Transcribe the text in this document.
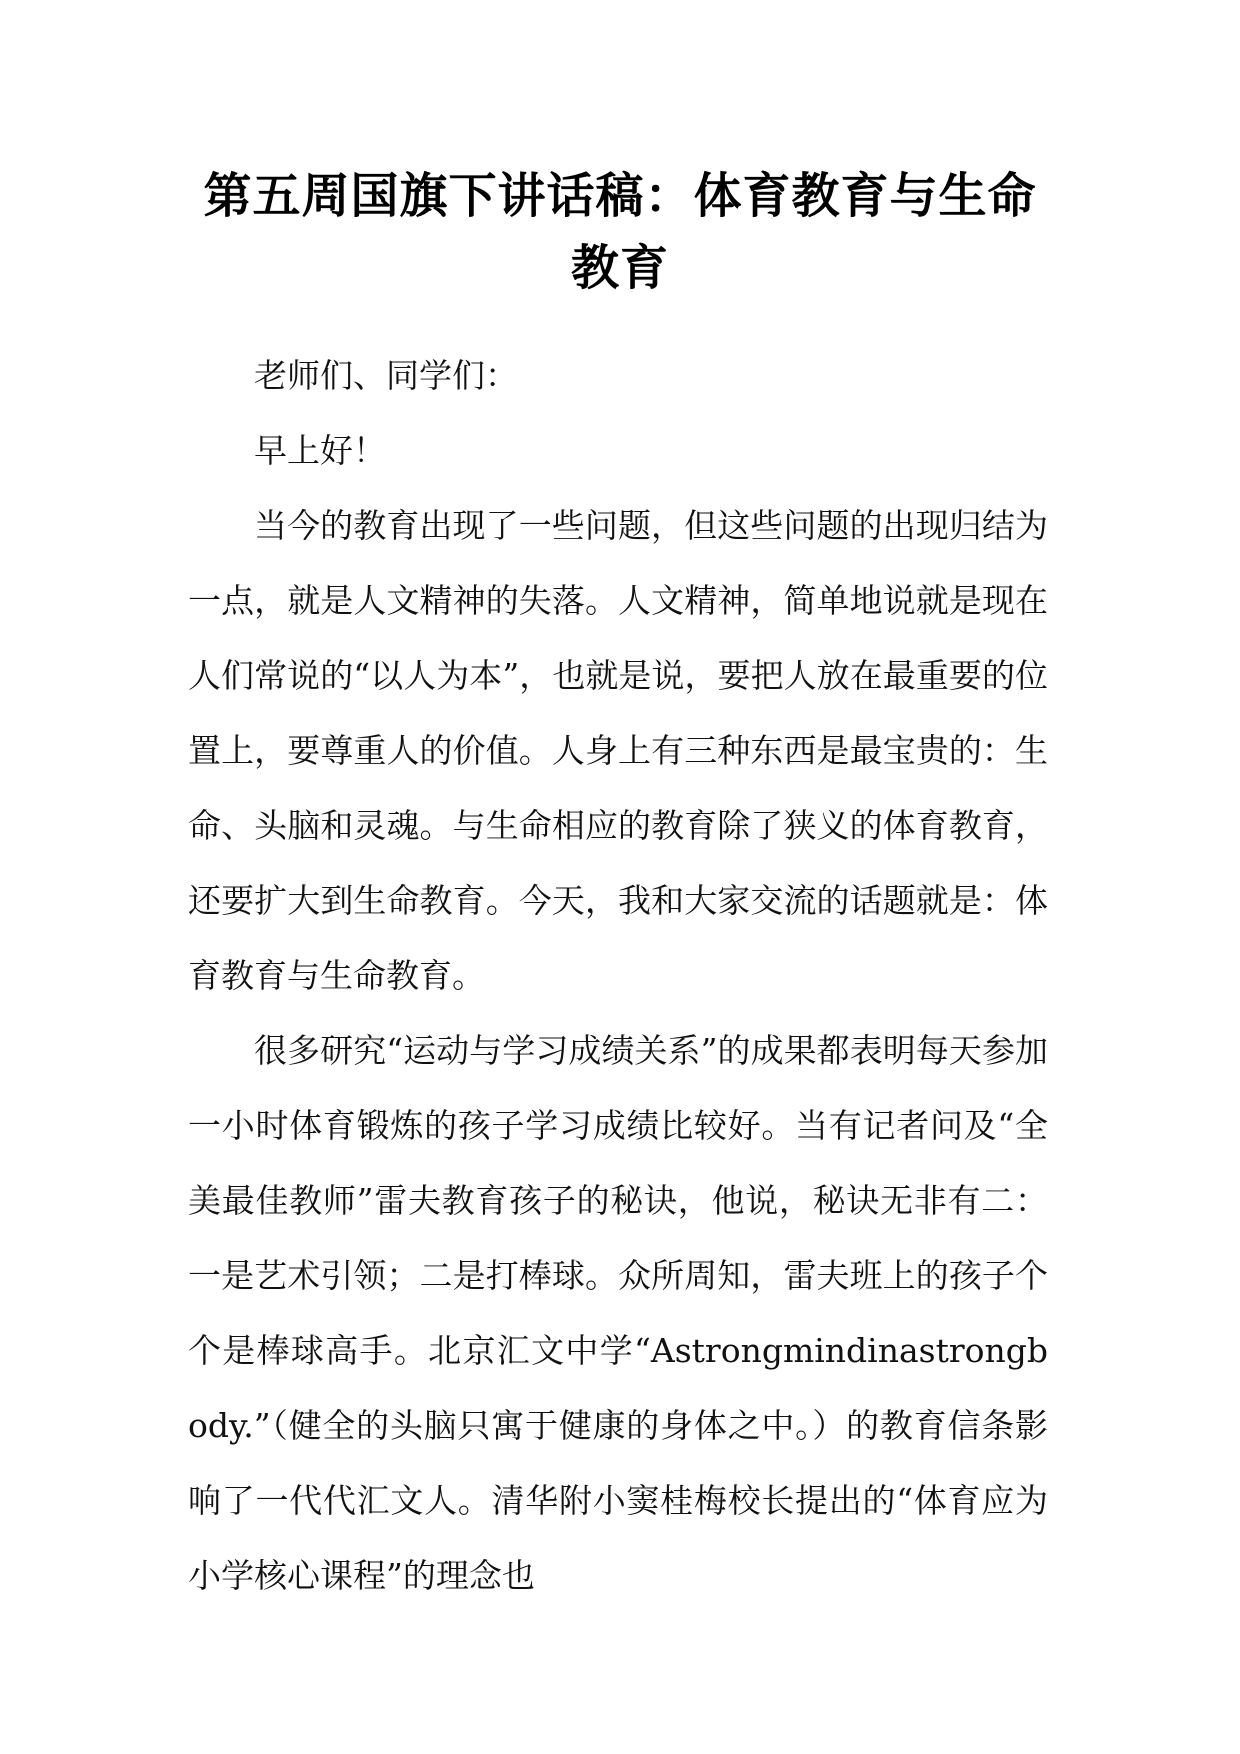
第五周国旗下讲话稿：体育教育与生命
教育

老师们、同学们：

早上好！

当今的教育出现了一些问题，但这些问题的出现归结为一点，就是人文精神的失落。人文精神，简单地说就是现在人们常说的“以人为本”，也就是说，要把人放在最重要的位置上，要尊重人的价值。人身上有三种东西是最宝贵的：生命、头脑和灵魂。与生命相应的教育除了狭义的体育教育，还要扩大到生命教育。今天，我和大家交流的话题就是：体育教育与生命教育。

很多研究“运动与学习成绩关系”的成果都表明每天参加一小时体育锻炼的孩子学习成绩比较好。当有记者问及“全美最佳教师”雷夫教育孩子的秘诀，他说，秘诀无非有二：一是艺术引领；二是打棒球。众所周知，雷夫班上的孩子个个是棒球高手。北京汇文中学“Astrongmindinastrongbody.”（健全的头脑只寓于健康的身体之中。）的教育信条影响了一代代汇文人。清华附小窦桂梅校长提出的“体育应为小学核心课程”的理念也
